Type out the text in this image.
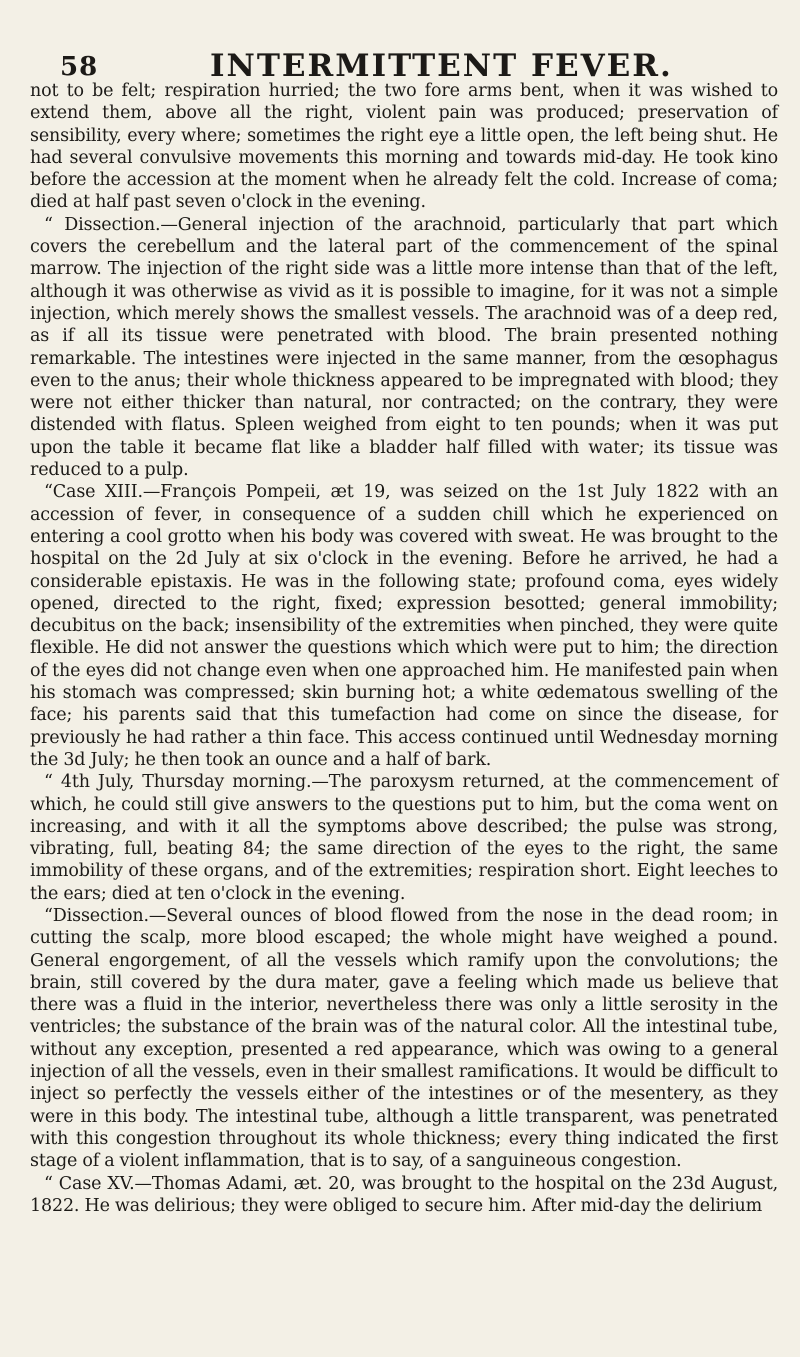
58	INTERMITTENT FEVER.

not to be felt; respiration hurried; the two fore arms bent, when it was wished to extend them, above all the right, violent pain was produced; preservation of sensibility, every where; sometimes the right eye a little open, the left being shut. He had several convulsive movements this morning and towards mid-day. He took kino before the accession at the moment when he already felt the cold. Increase of coma; died at half past seven o'clock in the evening.

“ Dissection.—General injection of the arachnoid, particularly that part which covers the cerebellum and the lateral part of the commencement of the spinal marrow. The injection of the right side was a little more intense than that of the left, although it was otherwise as vivid as it is possible to imagine, for it was not a simple injection, which merely shows the smallest vessels. The arachnoid was of a deep red, as if all its tissue were penetrated with blood. The brain presented nothing remarkable. The intestines were injected in the same manner, from the œsophagus even to the anus; their whole thickness appeared to be impregnated with blood; they were not either thicker than natural, nor contracted; on the contrary, they were distended with flatus. Spleen weighed from eight to ten pounds; when it was put upon the table it became flat like a bladder half filled with water; its tissue was reduced to a pulp.

“Case XIII.—François Pompeii, æt 19, was seized on the 1st July 1822 with an accession of fever, in consequence of a sudden chill which he experienced on entering a cool grotto when his body was covered with sweat. He was brought to the hospital on the 2d July at six o'clock in the evening. Before he arrived, he had a considerable epistaxis. He was in the following state; profound coma, eyes widely opened, directed to the right, fixed; expression besotted; general immobility; decubitus on the back; insensibility of the extremities when pinched, they were quite flexible. He did not answer the questions which which were put to him; the direction of the eyes did not change even when one approached him. He manifested pain when his stomach was compressed; skin burning hot; a white œdematous swelling of the face; his parents said that this tumefaction had come on since the disease, for previously he had rather a thin face. This access continued until Wednesday morning the 3d July; he then took an ounce and a half of bark.

“ 4th July, Thursday morning.—The paroxysm returned, at the commencement of which, he could still give answers to the questions put to him, but the coma went on increasing, and with it all the symptoms above described; the pulse was strong, vibrating, full, beating 84; the same direction of the eyes to the right, the same immobility of these organs, and of the extremities; respiration short. Eight leeches to the ears; died at ten o'clock in the evening.

“Dissection.—Several ounces of blood flowed from the nose in the dead room; in cutting the scalp, more blood escaped; the whole might have weighed a pound. General engorgement, of all the vessels which ramify upon the convolutions; the brain, still covered by the dura mater, gave a feeling which made us believe that there was a fluid in the interior, nevertheless there was only a little serosity in the ventricles; the substance of the brain was of the natural color. All the intestinal tube, without any exception, presented a red appearance, which was owing to a general injection of all the vessels, even in their smallest ramifications. It would be difficult to inject so perfectly the vessels either of the intestines or of the mesentery, as they were in this body. The intestinal tube, although a little transparent, was penetrated with this congestion throughout its whole thickness; every thing indicated the first stage of a violent inflammation, that is to say, of a sanguineous congestion.

“ Case XV.—Thomas Adami, æt. 20, was brought to the hospital on the 23d August, 1822. He was delirious; they were obliged to secure him. After mid-day the delirium
